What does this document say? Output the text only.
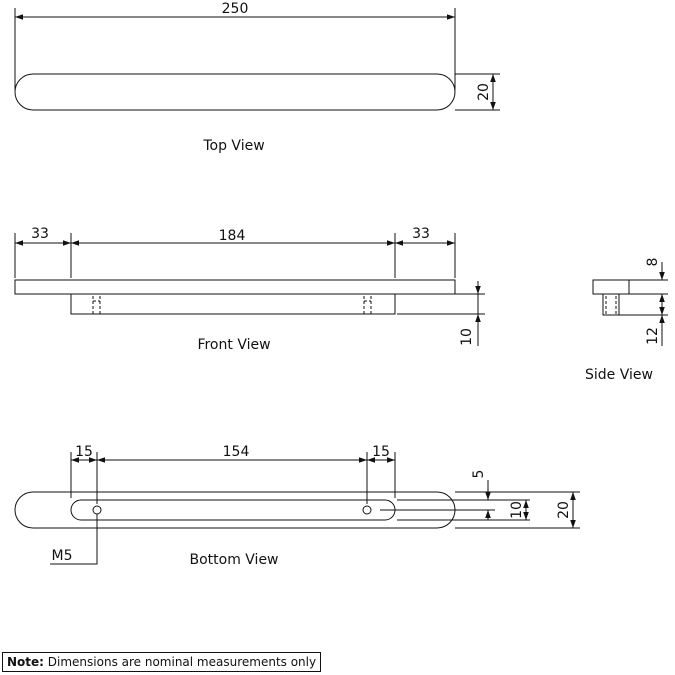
250
20
Top View
33	184	33
10
Front View
8
12
Side View
15	154	15
5
10 20
M5	Bottom View
Note: Dimensions are nominal measurements only
